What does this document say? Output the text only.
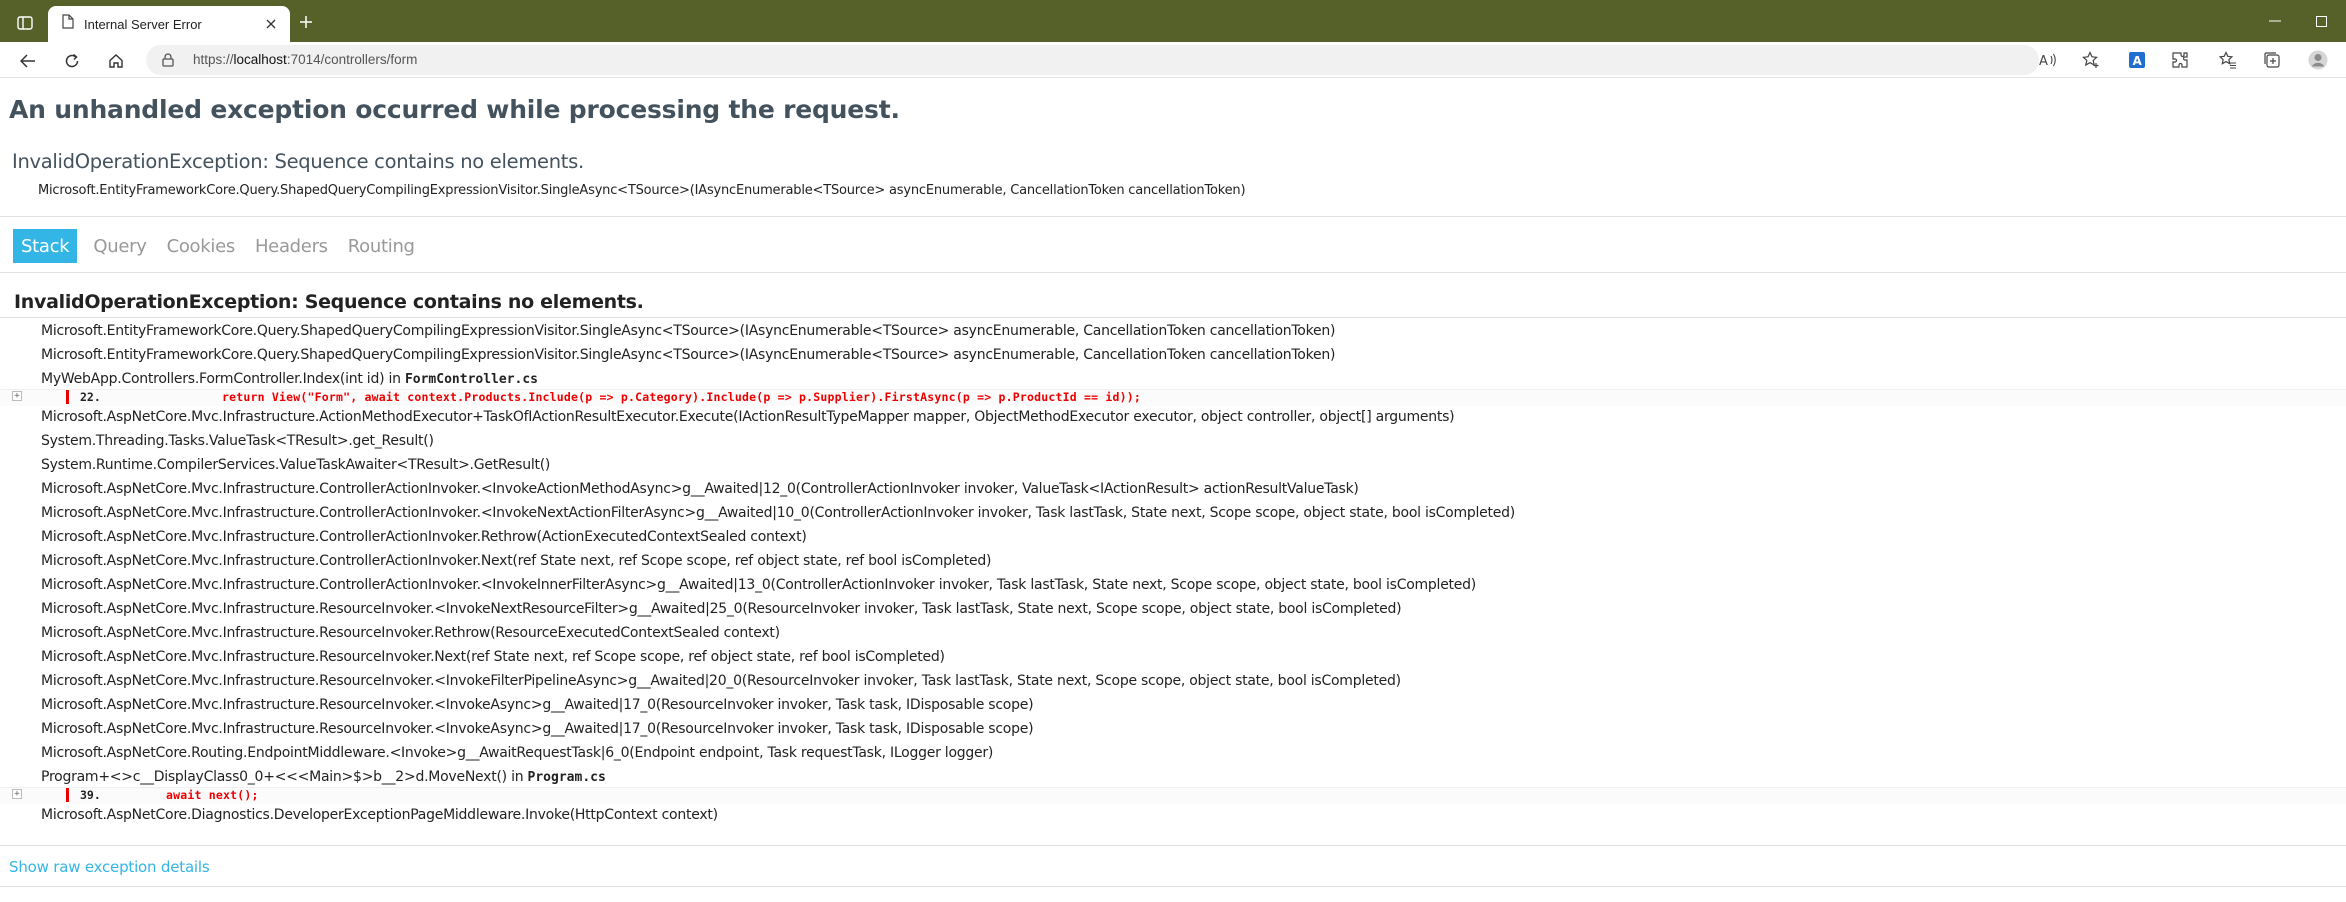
Internal Server Error
https://localhost:7014/controllers/form	A	A
An unhandled exception occurred while processing the request.
InvalidOperationException: Sequence contains no elements.
Microsoft.EntityFrameworkCore.Query.ShapedQueryCompilingExpressionVisitor.SingleAsync<TSource>(IAsyncEnumerable<TSource> asyncEnumerable, CancellationToken cancellationToken)
Stack	Query	Cookies	Headers	Routing
InvalidOperationException: Sequence contains no elements.
Microsoft.EntityFrameworkCore.Query.ShapedQueryCompilingExpressionVisitor.SingleAsync<TSource>(IAsyncEnumerable<TSource> asyncEnumerable, CancellationToken cancellationToken)
Microsoft.EntityFrameworkCore.Query.ShapedQueryCompilingExpressionVisitor.SingleAsync<TSource>(IAsyncEnumerable<TSource> asyncEnumerable, CancellationToken cancellationToken)
MyWebApp.Controllers.FormController.Index(int id) in FormController.cs
+	22.	return View("Form", await context.Products.Include(p => p.Category).Include(p => p.Supplier).FirstAsync(p => p.ProductId == id));
Microsoft.AspNetCore.Mvc.Infrastructure.ActionMethodExecutor+TaskOfIActionResultExecutor.Execute(IActionResultTypeMapper mapper, ObjectMethodExecutor executor, object controller, object[] arguments)
System.Threading.Tasks.ValueTask<TResult>.get_Result()
System.Runtime.CompilerServices.ValueTaskAwaiter<TResult>.GetResult()
Microsoft.AspNetCore.Mvc.Infrastructure.ControllerActionInvoker.<InvokeActionMethodAsync>g__Awaited|12_0(ControllerActionInvoker invoker, ValueTask<IActionResult> actionResultValueTask)
Microsoft.AspNetCore.Mvc.Infrastructure.ControllerActionInvoker.<InvokeNextActionFilterAsync>g__Awaited|10_0(ControllerActionInvoker invoker, Task lastTask, State next, Scope scope, object state, bool isCompleted)
Microsoft.AspNetCore.Mvc.Infrastructure.ControllerActionInvoker.Rethrow(ActionExecutedContextSealed context)
Microsoft.AspNetCore.Mvc.Infrastructure.ControllerActionInvoker.Next(ref State next, ref Scope scope, ref object state, ref bool isCompleted)
Microsoft.AspNetCore.Mvc.Infrastructure.ControllerActionInvoker.<InvokeInnerFilterAsync>g__Awaited|13_0(ControllerActionInvoker invoker, Task lastTask, State next, Scope scope, object state, bool isCompleted)
Microsoft.AspNetCore.Mvc.Infrastructure.ResourceInvoker.<InvokeNextResourceFilter>g__Awaited|25_0(ResourceInvoker invoker, Task lastTask, State next, Scope scope, object state, bool isCompleted)
Microsoft.AspNetCore.Mvc.Infrastructure.ResourceInvoker.Rethrow(ResourceExecutedContextSealed context)
Microsoft.AspNetCore.Mvc.Infrastructure.ResourceInvoker.Next(ref State next, ref Scope scope, ref object state, ref bool isCompleted)
Microsoft.AspNetCore.Mvc.Infrastructure.ResourceInvoker.<InvokeFilterPipelineAsync>g__Awaited|20_0(ResourceInvoker invoker, Task lastTask, State next, Scope scope, object state, bool isCompleted)
Microsoft.AspNetCore.Mvc.Infrastructure.ResourceInvoker.<InvokeAsync>g__Awaited|17_0(ResourceInvoker invoker, Task task, IDisposable scope)
Microsoft.AspNetCore.Mvc.Infrastructure.ResourceInvoker.<InvokeAsync>g__Awaited|17_0(ResourceInvoker invoker, Task task, IDisposable scope)
Microsoft.AspNetCore.Routing.EndpointMiddleware.<Invoke>g__AwaitRequestTask|6_0(Endpoint endpoint, Task requestTask, ILogger logger)
Program+<>c__DisplayClass0_0+<<<Main>$>b__2>d.MoveNext() in Program.cs
+	39.	await next();
Microsoft.AspNetCore.Diagnostics.DeveloperExceptionPageMiddleware.Invoke(HttpContext context)
Show raw exception details
